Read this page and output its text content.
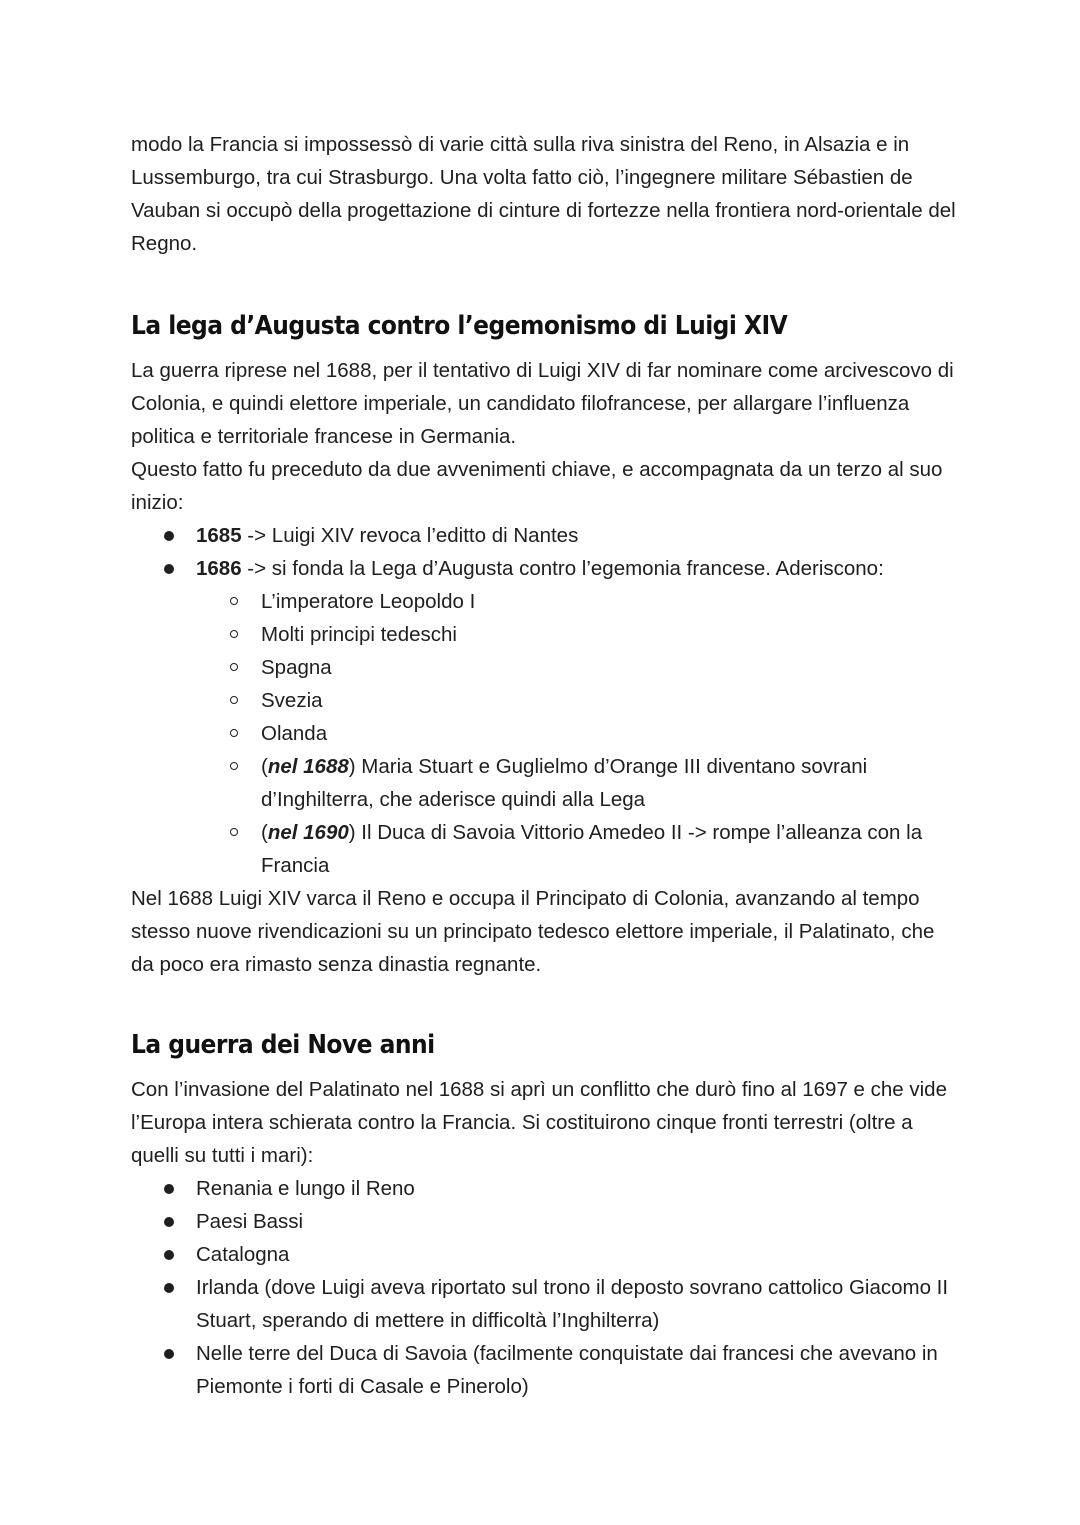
modo la Francia si impossessò di varie città sulla riva sinistra del Reno, in Alsazia e in Lussemburgo, tra cui Strasburgo. Una volta fatto ciò, l’ingegnere militare Sébastien de Vauban si occupò della progettazione di cinture di fortezze nella frontiera nord-orientale del Regno.

La lega d’Augusta contro l’egemonismo di Luigi XIV

La guerra riprese nel 1688, per il tentativo di Luigi XIV di far nominare come arcivescovo di Colonia, e quindi elettore imperiale, un candidato filofrancese, per allargare l’influenza politica e territoriale francese in Germania.

Questo fatto fu preceduto da due avvenimenti chiave, e accompagnata da un terzo al suo inizio:

1685 -> Luigi XIV revoca l’editto di Nantes
1686 -> si fonda la Lega d’Augusta contro l’egemonia francese. Aderiscono:
L’imperatore Leopoldo I
Molti principi tedeschi
Spagna
Svezia
Olanda
(nel 1688) Maria Stuart e Guglielmo d’Orange III diventano sovrani d’Inghilterra, che aderisce quindi alla Lega
(nel 1690) Il Duca di Savoia Vittorio Amedeo II -> rompe l’alleanza con la Francia

Nel 1688 Luigi XIV varca il Reno e occupa il Principato di Colonia, avanzando al tempo stesso nuove rivendicazioni su un principato tedesco elettore imperiale, il Palatinato, che da poco era rimasto senza dinastia regnante.

La guerra dei Nove anni

Con l’invasione del Palatinato nel 1688 si aprì un conflitto che durò fino al 1697 e che vide l’Europa intera schierata contro la Francia. Si costituirono cinque fronti terrestri (oltre a quelli su tutti i mari):

Renania e lungo il Reno
Paesi Bassi
Catalogna
Irlanda (dove Luigi aveva riportato sul trono il deposto sovrano cattolico Giacomo II Stuart, sperando di mettere in difficoltà l’Inghilterra)
Nelle terre del Duca di Savoia (facilmente conquistate dai francesi che avevano in Piemonte i forti di Casale e Pinerolo)
